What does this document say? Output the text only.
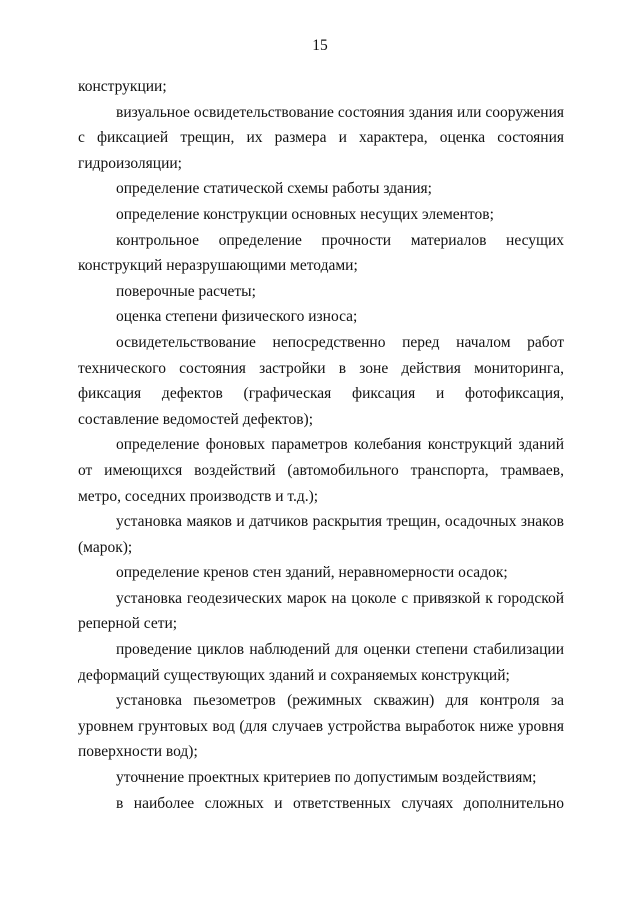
15

конструкции;

визуальное освидетельствование состояния здания или сооружения с фиксацией трещин, их размера и характера, оценка состояния гидроизоляции;

определение статической схемы работы здания;

определение конструкции основных несущих элементов;

контрольное определение прочности материалов несущих конструкций неразрушающими методами;

поверочные расчеты;

оценка степени физического износа;

освидетельствование непосредственно перед началом работ технического состояния застройки в зоне действия мониторинга, фиксация дефектов (графическая фиксация и фотофиксация, составление ведомостей дефектов);

определение фоновых параметров колебания конструкций зданий от имеющихся воздействий (автомобильного транспорта, трамваев, метро, соседних производств и т.д.);

установка маяков и датчиков раскрытия трещин, осадочных знаков (марок);

определение кренов стен зданий, неравномерности осадок;

установка геодезических марок на цоколе с привязкой к городской реперной сети;

проведение циклов наблюдений для оценки степени стабилизации деформаций существующих зданий и сохраняемых конструкций;

установка пьезометров (режимных скважин) для контроля за уровнем грунтовых вод (для случаев устройства выработок ниже уровня поверхности вод);

уточнение проектных критериев по допустимым воздействиям;

в наиболее сложных и ответственных случаях дополнительно
